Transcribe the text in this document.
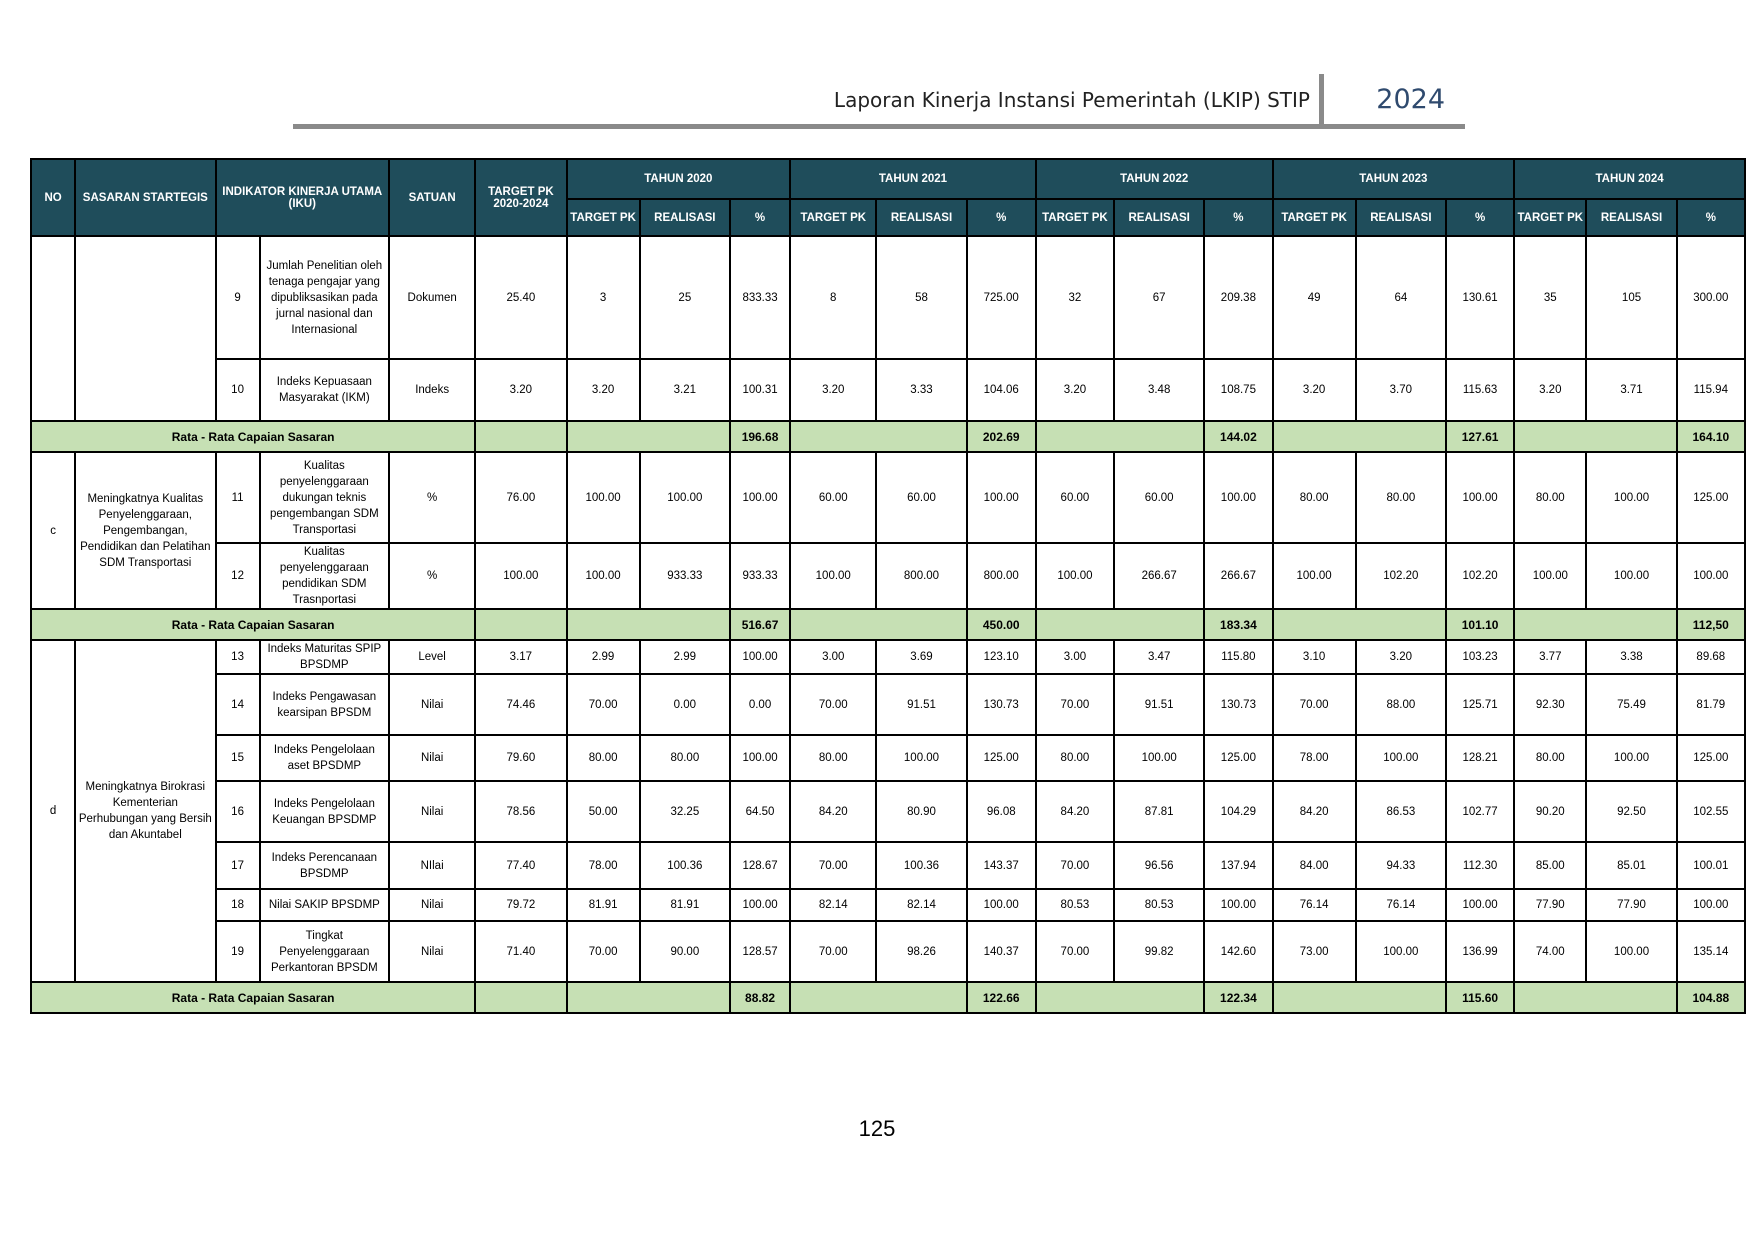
Laporan Kinerja Instansi Pemerintah (LKIP) STIP 2024
NO	SASARAN STARTEGIS	INDIKATOR KINERJA UTAMA (IKU)		SATUAN	TARGET PK 2020-2024	TAHUN 2020			TAHUN 2021			TAHUN 2022			TAHUN 2023			TAHUN 2024		
						TARGET PK	REALISASI	%	TARGET PK	REALISASI	%	TARGET PK	REALISASI	%	TARGET PK	REALISASI	%	TARGET PK	REALISASI	%
		9	Jumlah Penelitian oleh tenaga pengajar yang dipubliksasikan pada jurnal nasional dan Internasional	Dokumen	25.40	3	25	833.33	8	58	725.00	32	67	209.38	49	64	130.61	35	105	300.00
		10	Indeks Kepuasaan Masyarakat (IKM)	Indeks	3.20	3.20	3.21	100.31	3.20	3.33	104.06	3.20	3.48	108.75	3.20	3.70	115.63	3.20	3.71	115.94
Rata - Rata Capaian Sasaran								196.68			202.69			144.02			127.61			164.10
c	Meningkatnya Kualitas Penyelenggaraan, Pengembangan, Pendidikan dan Pelatihan SDM Transportasi	11	Kualitas penyelenggaraan dukungan teknis pengembangan SDM Transportasi	%	76.00	100.00	100.00	100.00	60.00	60.00	100.00	60.00	60.00	100.00	80.00	80.00	100.00	80.00	100.00	125.00
		12	Kualitas penyelenggaraan pendidikan SDM Trasnportasi	%	100.00	100.00	933.33	933.33	100.00	800.00	800.00	100.00	266.67	266.67	100.00	102.20	102.20	100.00	100.00	100.00
Rata - Rata Capaian Sasaran								516.67			450.00			183.34			101.10			112,50
d	Meningkatnya Birokrasi Kementerian Perhubungan yang Bersih dan Akuntabel	13	Indeks Maturitas SPIP BPSDMP	Level	3.17	2.99	2.99	100.00	3.00	3.69	123.10	3.00	3.47	115.80	3.10	3.20	103.23	3.77	3.38	89.68
		14	Indeks Pengawasan kearsipan BPSDM	Nilai	74.46	70.00	0.00	0.00	70.00	91.51	130.73	70.00	91.51	130.73	70.00	88.00	125.71	92.30	75.49	81.79
		15	Indeks Pengelolaan aset BPSDMP	Nilai	79.60	80.00	80.00	100.00	80.00	100.00	125.00	80.00	100.00	125.00	78.00	100.00	128.21	80.00	100.00	125.00
		16	Indeks Pengelolaan Keuangan BPSDMP	Nilai	78.56	50.00	32.25	64.50	84.20	80.90	96.08	84.20	87.81	104.29	84.20	86.53	102.77	90.20	92.50	102.55
		17	Indeks Perencanaan BPSDMP	NIlai	77.40	78.00	100.36	128.67	70.00	100.36	143.37	70.00	96.56	137.94	84.00	94.33	112.30	85.00	85.01	100.01
		18	Nilai SAKIP BPSDMP	Nilai	79.72	81.91	81.91	100.00	82.14	82.14	100.00	80.53	80.53	100.00	76.14	76.14	100.00	77.90	77.90	100.00
		19	Tingkat Penyelenggaraan Perkantoran BPSDM	Nilai	71.40	70.00	90.00	128.57	70.00	98.26	140.37	70.00	99.82	142.60	73.00	100.00	136.99	74.00	100.00	135.14
Rata - Rata Capaian Sasaran								88.82			122.66			122.34			115.60			104.88
125
